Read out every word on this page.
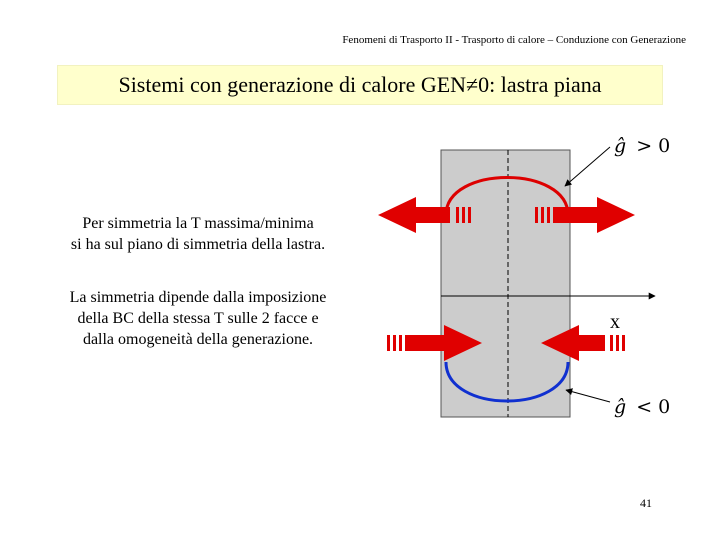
Fenomeni di Trasporto II - Trasporto di calore – Conduzione con Generazione
Sistemi con generazione di calore GEN≠0: lastra piana
Per simmetria la T massima/minima
si ha sul piano di simmetria della lastra.
La simmetria dipende dalla imposizione
della BC della stessa T sulle 2 facce e
dalla omogeneità della generazione.
x
ĝ > 0
ĝ < 0
41
